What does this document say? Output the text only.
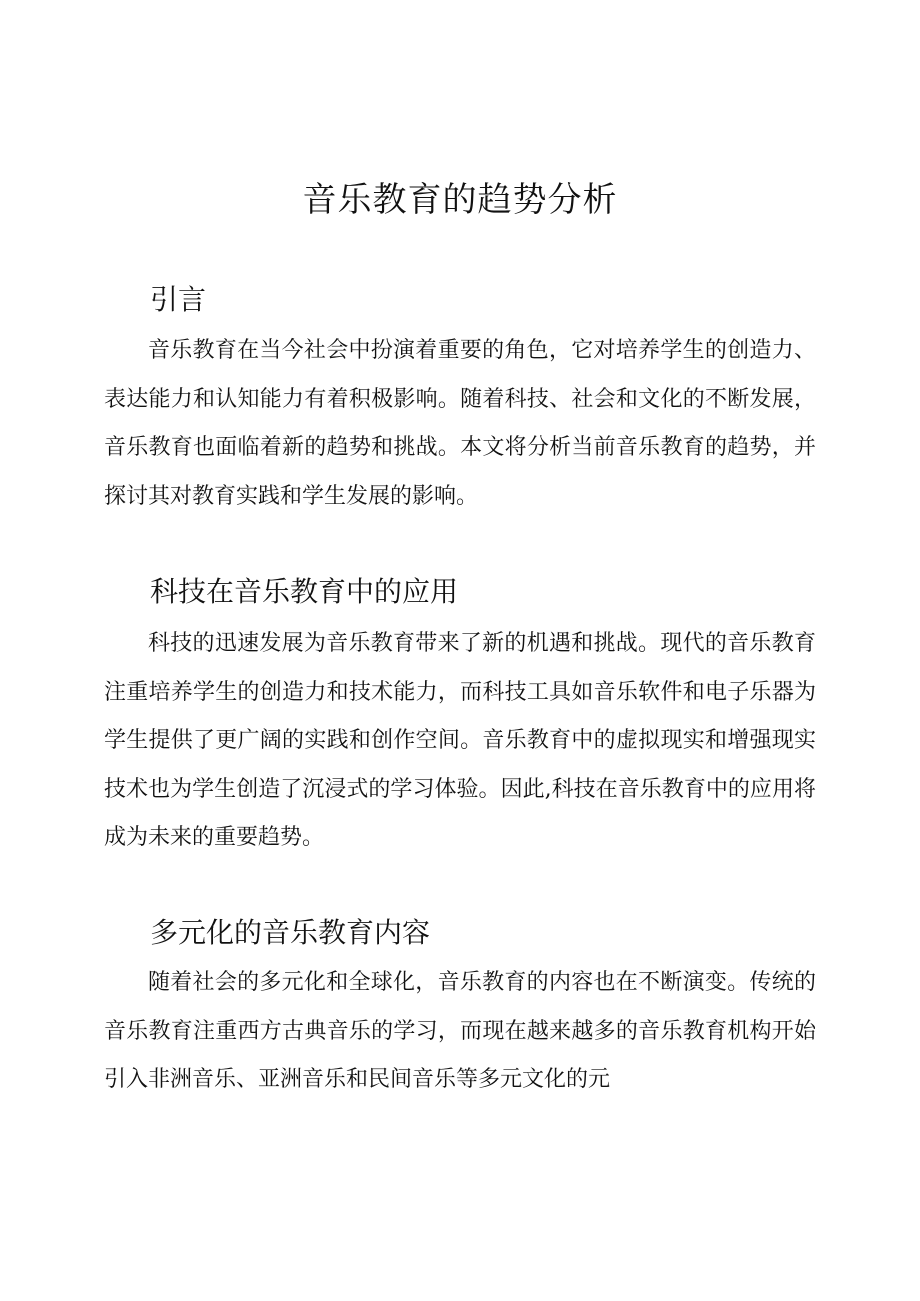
音乐教育的趋势分析
引言

音乐教育在当今社会中扮演着重要的角色，它对培养学生的创造力、表达能力和认知能力有着积极影响。随着科技、社会和文化的不断发展，音乐教育也面临着新的趋势和挑战。本文将分析当前音乐教育的趋势，并探讨其对教育实践和学生发展的影响。

科技在音乐教育中的应用

科技的迅速发展为音乐教育带来了新的机遇和挑战。现代的音乐教育注重培养学生的创造力和技术能力，而科技工具如音乐软件和电子乐器为学生提供了更广阔的实践和创作空间。音乐教育中的虚拟现实和增强现实技术也为学生创造了沉浸式的学习体验。因此,科技在音乐教育中的应用将成为未来的重要趋势。

多元化的音乐教育内容

随着社会的多元化和全球化，音乐教育的内容也在不断演变。传统的音乐教育注重西方古典音乐的学习，而现在越来越多的音乐教育机构开始引入非洲音乐、亚洲音乐和民间音乐等多元文化的元
